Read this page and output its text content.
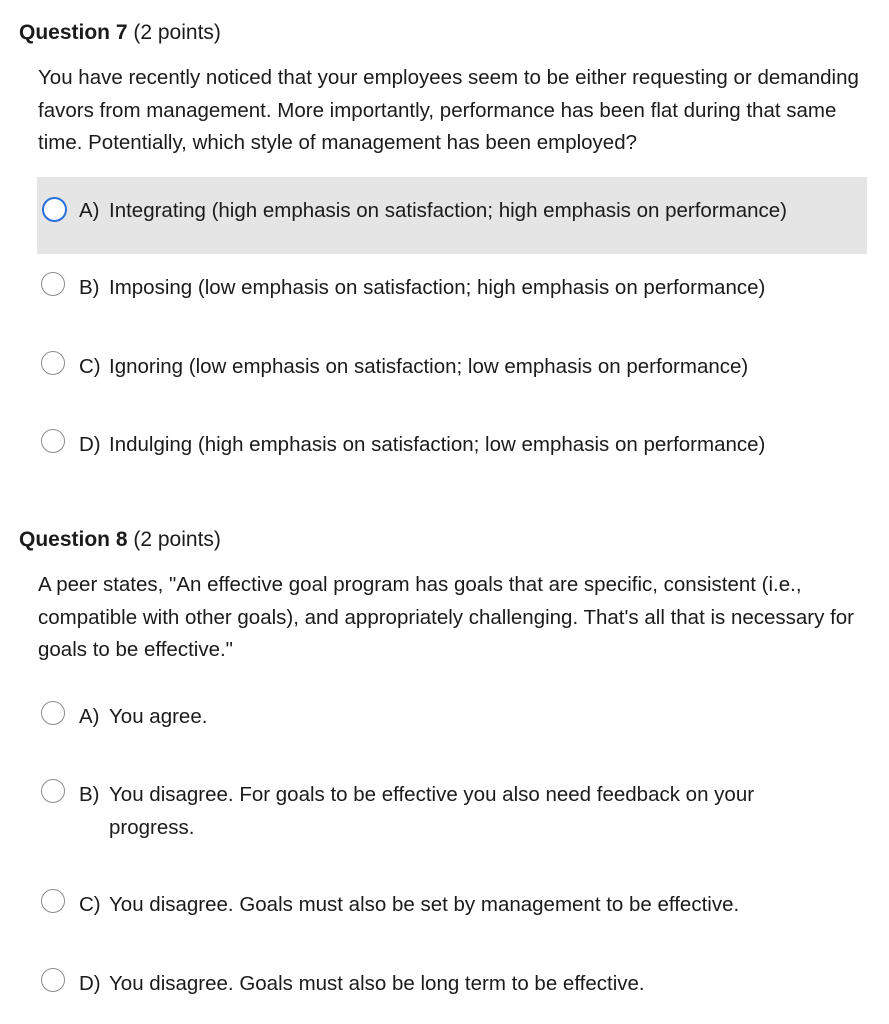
Question 7 (2 points)
You have recently noticed that your employees seem to be either requesting or demanding favors from management. More importantly, performance has been flat during that same time. Potentially, which style of management has been employed?
A) Integrating (high emphasis on satisfaction; high emphasis on performance)
B) Imposing (low emphasis on satisfaction; high emphasis on performance)
C) Ignoring (low emphasis on satisfaction; low emphasis on performance)
D) Indulging (high emphasis on satisfaction; low emphasis on performance)
Question 8 (2 points)
A peer states, "An effective goal program has goals that are specific, consistent (i.e., compatible with other goals), and appropriately challenging. That's all that is necessary for goals to be effective."
A) You agree.
B) You disagree. For goals to be effective you also need feedback on your progress.
C) You disagree. Goals must also be set by management to be effective.
D) You disagree. Goals must also be long term to be effective.
